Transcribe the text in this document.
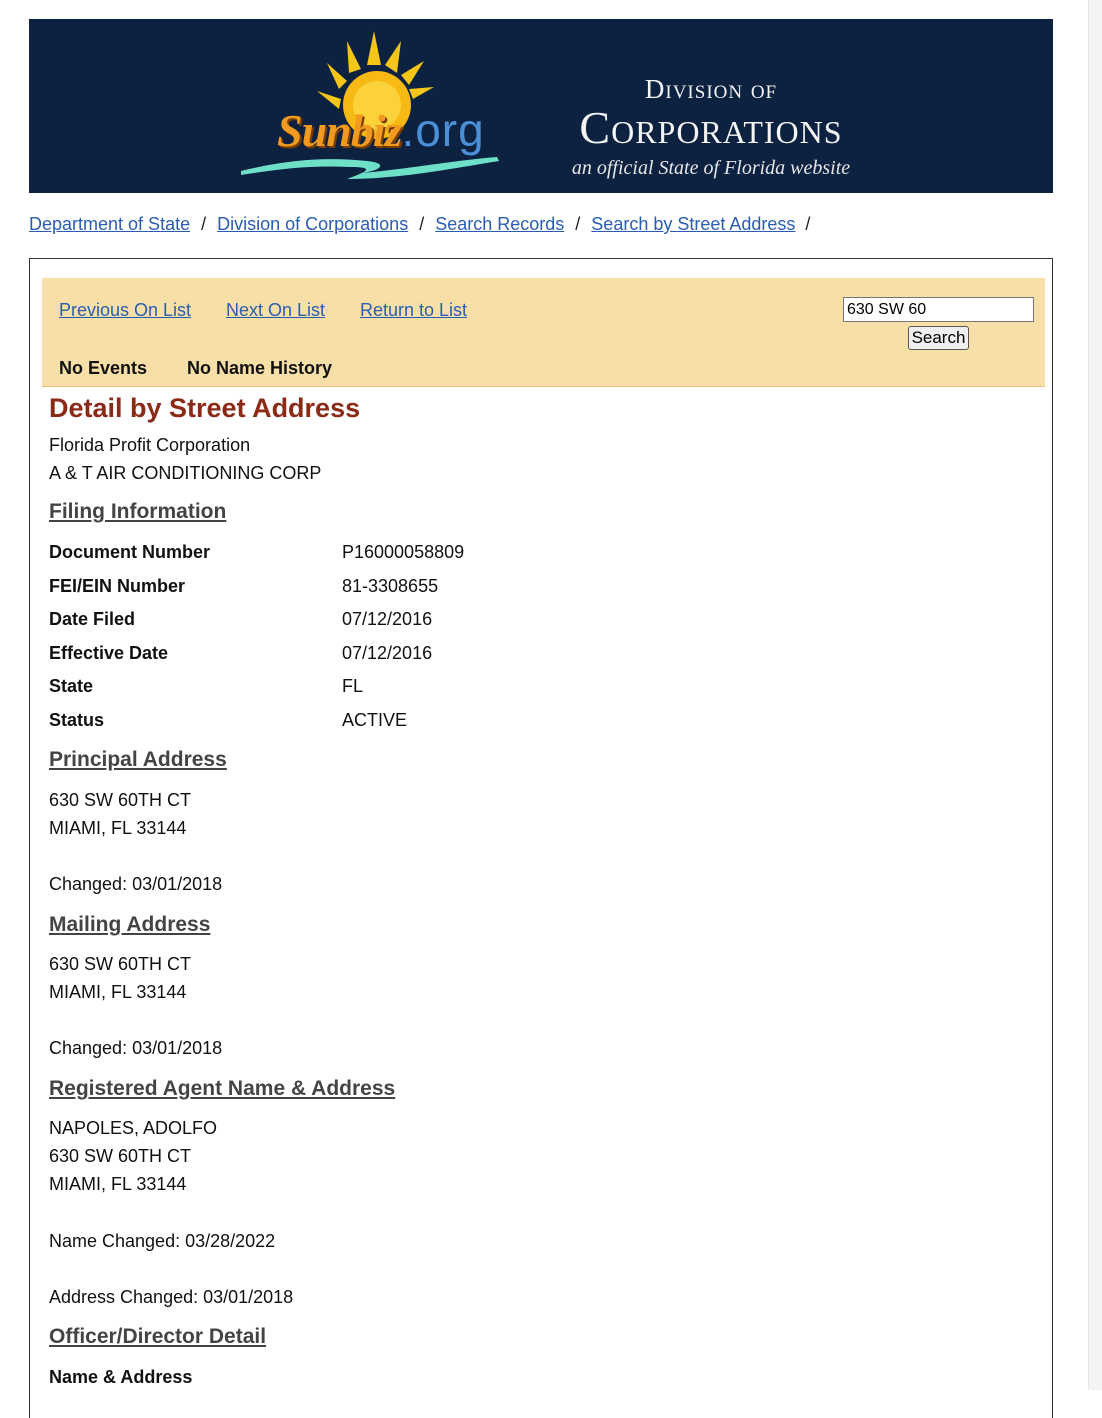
Sunbiz.org
Division of
Corporations
an official State of Florida website
Department of State / Division of Corporations / Search Records / Search by Street Address /
Previous On List Next On List Return to List
No Events No Name History
630 SW 60
Search
Detail by Street Address
Florida Profit Corporation
A & T AIR CONDITIONING CORP
Filing Information
Document Number	P16000058809
FEI/EIN Number	81-3308655
Date Filed	07/12/2016
Effective Date	07/12/2016
State	FL
Status	ACTIVE
Principal Address
630 SW 60TH CT
MIAMI, FL 33144
Changed: 03/01/2018
Mailing Address
630 SW 60TH CT
MIAMI, FL 33144
Changed: 03/01/2018
Registered Agent Name & Address
NAPOLES, ADOLFO
630 SW 60TH CT
MIAMI, FL 33144
Name Changed: 03/28/2022
Address Changed: 03/01/2018
Officer/Director Detail
Name & Address
